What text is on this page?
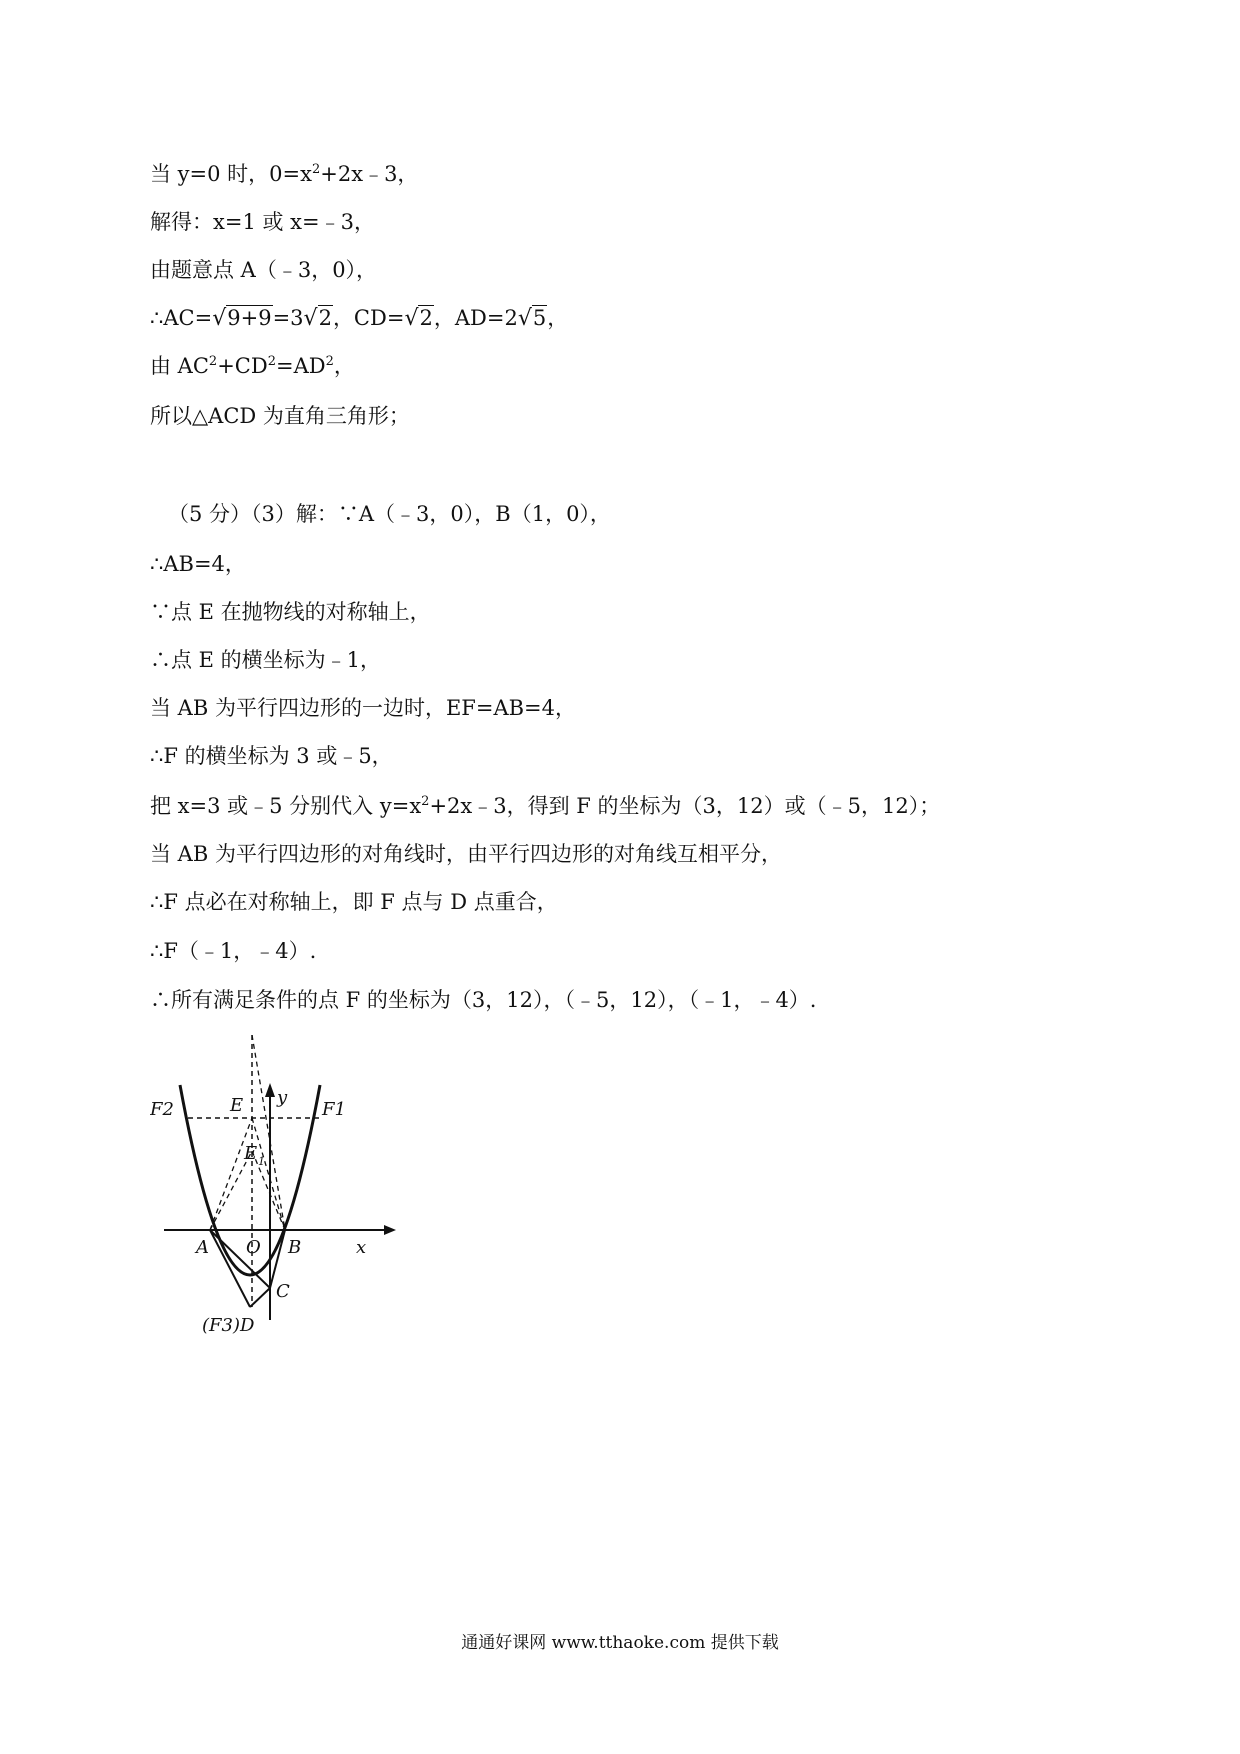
当 y=0 时，$0=x^2+2x﹣3$，
解得：x=1 或 x=﹣3，
由题意点 A（﹣3，0），
∴AC=√9+9=3√2，CD=√2，AD=2√5，
由 $AC^2+CD^2=AD^2$，
所以△ACD 为直角三角形；
（5 分）（3）解：∵A（﹣3，0），B（1，0），
∴AB=4，
∵点 E 在抛物线的对称轴上，
∴点 E 的横坐标为﹣1，
当 AB 为平行四边形的一边时，EF=AB=4，
∴F 的横坐标为 3 或﹣5，
把 x=3 或﹣5 分别代入 $y=x^2+2x﹣3$，得到 F 的坐标为（3，12）或（﹣5，12）；
当 AB 为平行四边形的对角线时，由平行四边形的对角线互相平分，
∴F 点必在对称轴上，即 F 点与 D 点重合，
∴F（﹣1，﹣4）.
∴所有满足条件的点 F 的坐标为（3，12），（﹣5，12），（﹣1，﹣4）.
F2	E y
F1
E 1
A O B	x
C
(F3)D
通通好课网 www.tthaoke.com 提供下载
